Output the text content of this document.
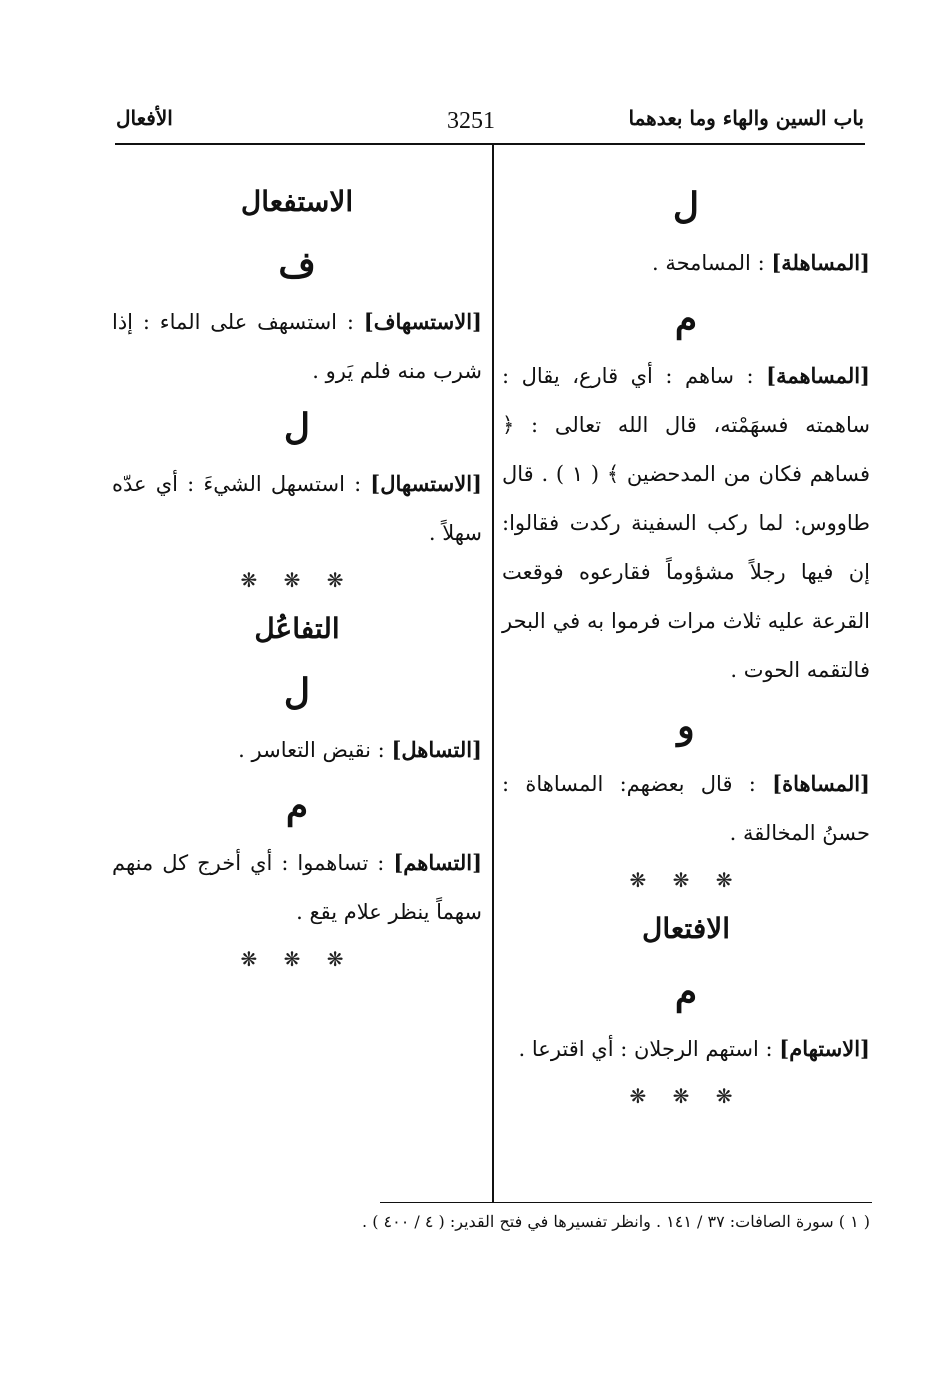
باب السين والهاء وما بعدهما
3251
الأفعال
ل

[المساهلة] : المسامحة .

م

[المساهمة] : ساهم : أي قارع، يقال : ساهمته فسهَمْته، قال الله تعالى : ﴿ فساهم فكان من المدحضين ﴾ ( ١ ) . قال طاووس: لما ركب السفينة ركدت فقالوا: إن فيها رجلاً مشؤوماً فقارعوه فوقعت القرعة عليه ثلاث مرات فرموا به في البحر فالتقمه الحوت .

و

[المساهاة] : قال بعضهم: المساهاة : حسنُ المخالقة .

❋ ❋ ❋
الافتعال
م

[الاستهام] : استهم الرجلان : أي اقترعا .

❋ ❋ ❋
الاستفعال
ف

[الاستسهاف] : استسهف على الماء : إذا شرب منه فلم يَرو .

ل

[الاستسهال] : استسهل الشيءَ : أي عدّه سهلاً .

❋ ❋ ❋
التفاعُل
ل

[التساهل] : نقيض التعاسر .

م

[التساهم] : تساهموا : أي أخرج كل منهم سهماً ينظر علام يقع .

❋ ❋ ❋
( ١ ) سورة الصافات: ٣٧ / ١٤١ . وانظر تفسيرها في فتح القدير: ( ٤ / ٤٠٠ ) .
